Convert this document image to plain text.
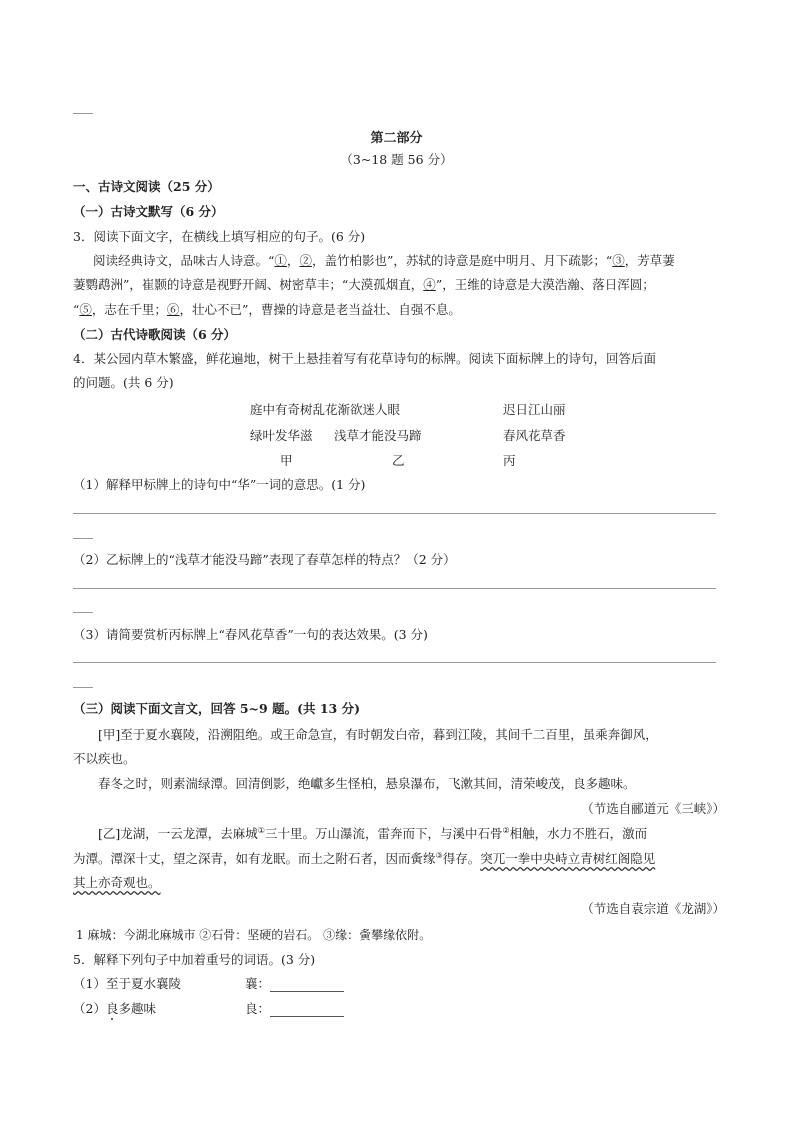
第二部分
（3~18 题 56 分）
一、古诗文阅读（25 分）
（一）古诗文默写（6 分）
3．阅读下面文字，在横线上填写相应的句子。(6 分)
阅读经典诗文，品味古人诗意。“①，②，盖竹柏影也”，苏轼的诗意是庭中明月、月下疏影；“③，芳草萋
萋鹦鹉洲”，崔颢的诗意是视野开阔、树密草丰；“大漠孤烟直，④”，王维的诗意是大漠浩瀚、落日浑圆；
“⑤，志在千里；⑥，壮心不已”，曹操的诗意是老当益壮、自强不息。
（二）古代诗歌阅读（6 分）
4．某公园内草木繁盛，鲜花遍地，树干上悬挂着写有花草诗句的标牌。阅读下面标牌上的诗句，回答后面
的问题。(共 6 分)
庭中有奇树乱花渐欲迷人眼	迟日江山丽
绿叶发华滋 浅草才能没马蹄	春风花草香
甲	乙	丙
（1）解释甲标牌上的诗句中“华”一词的意思。(1 分)
（2）乙标牌上的“浅草才能没马蹄”表现了春草怎样的特点？（2 分）
（3）请简要赏析丙标牌上“春风花草香”一句的表达效果。(3 分)
（三）阅读下面文言文，回答 5~9 题。(共 13 分)
[甲]至于夏水襄陵，沿溯阻绝。或王命急宣，有时朝发白帝，暮到江陵，其间千二百里，虽乘奔御风，
不以疾也。
春冬之时，则素湍绿潭。回清倒影，绝巘多生怪柏，悬泉瀑布，飞漱其间，清荣峻茂，良多趣味。
（节选自郦道元《三峡》）
[乙]龙湖，一云龙潭，去麻城①三十里。万山瀑流，雷奔而下，与溪中石骨②相触，水力不胜石，激而
为潭。潭深十丈，望之深青，如有龙眠。而土之附石者，因而夤缘③得存。突兀一拳中央峙立青树红阁隐见
其上亦奇观也。
（节选自袁宗道《龙湖》）
1 麻城：今湖北麻城市 ②石骨：坚硬的岩石。 ③缘：夤攀缘依附。
5．解释下列句子中加着重号的词语。(3 分)
（1）至于夏水襄陵	襄：
（2）良多趣味	良：
